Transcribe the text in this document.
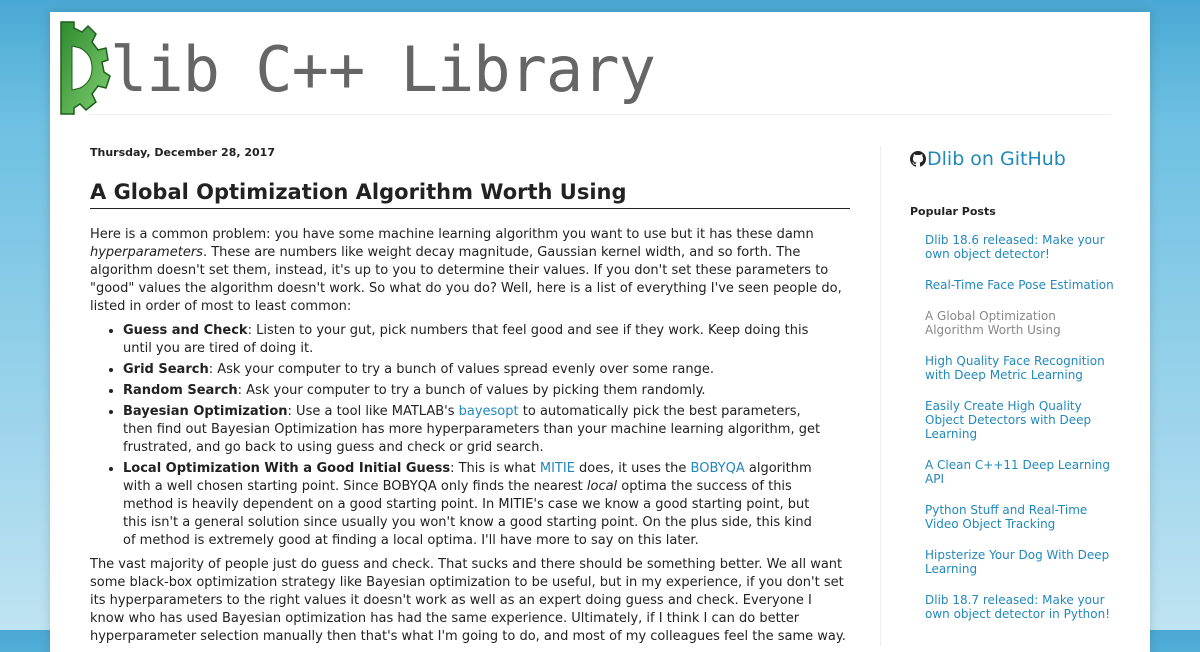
lib C++ Library
Thursday, December 28, 2017
A Global Optimization Algorithm Worth Using

Here is a common problem: you have some machine learning algorithm you want to use but it has these damn hyperparameters. These are numbers like weight decay magnitude, Gaussian kernel width, and so forth. The algorithm doesn't set them, instead, it's up to you to determine their values. If you don't set these parameters to "good" values the algorithm doesn't work. So what do you do? Well, here is a list of everything I've seen people do, listed in order of most to least common:

• Guess and Check: Listen to your gut, pick numbers that feel good and see if they work. Keep doing this until you are tired of doing it.
• Grid Search: Ask your computer to try a bunch of values spread evenly over some range.
• Random Search: Ask your computer to try a bunch of values by picking them randomly.
• Bayesian Optimization: Use a tool like MATLAB's bayesopt to automatically pick the best parameters, then find out Bayesian Optimization has more hyperparameters than your machine learning algorithm, get frustrated, and go back to using guess and check or grid search.
• Local Optimization With a Good Initial Guess: This is what MITIE does, it uses the BOBYQA algorithm with a well chosen starting point. Since BOBYQA only finds the nearest local optima the success of this method is heavily dependent on a good starting point. In MITIE's case we know a good starting point, but this isn't a general solution since usually you won't know a good starting point. On the plus side, this kind of method is extremely good at finding a local optima. I'll have more to say on this later.

The vast majority of people just do guess and check. That sucks and there should be something better. We all want some black-box optimization strategy like Bayesian optimization to be useful, but in my experience, if you don't set its hyperparameters to the right values it doesn't work as well as an expert doing guess and check. Everyone I know who has used Bayesian optimization has had the same experience. Ultimately, if I think I can do better hyperparameter selection manually then that's what I'm going to do, and most of my colleagues feel the same way.

Dlib on GitHub
Popular Posts
Dlib 18.6 released: Make your own object detector!
Real-Time Face Pose Estimation
A Global Optimization Algorithm Worth Using
High Quality Face Recognition with Deep Metric Learning
Easily Create High Quality Object Detectors with Deep Learning
A Clean C++11 Deep Learning API
Python Stuff and Real-Time Video Object Tracking
Hipsterize Your Dog With Deep Learning
Dlib 18.7 released: Make your own object detector in Python!
